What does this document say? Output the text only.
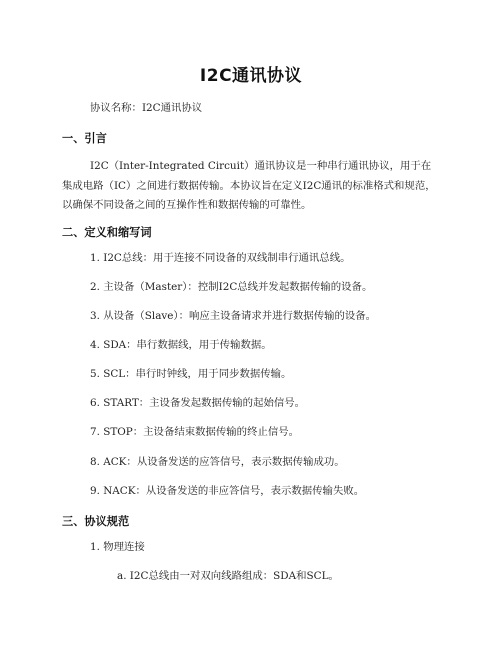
I2C通讯协议
协议名称：I2C通讯协议
一、引言
I2C（Inter-Integrated Circuit）通讯协议是一种串行通讯协议，用于在集成电路（IC）之间进行数据传输。本协议旨在定义I2C通讯的标准格式和规范，以确保不同设备之间的互操作性和数据传输的可靠性。
二、定义和缩写词
1. I2C总线：用于连接不同设备的双线制串行通讯总线。
2. 主设备（Master）：控制I2C总线并发起数据传输的设备。
3. 从设备（Slave）：响应主设备请求并进行数据传输的设备。
4. SDA：串行数据线，用于传输数据。
5. SCL：串行时钟线，用于同步数据传输。
6. START：主设备发起数据传输的起始信号。
7. STOP：主设备结束数据传输的终止信号。
8. ACK：从设备发送的应答信号，表示数据传输成功。
9. NACK：从设备发送的非应答信号，表示数据传输失败。
三、协议规范
1. 物理连接
a. I2C总线由一对双向线路组成：SDA和SCL。
